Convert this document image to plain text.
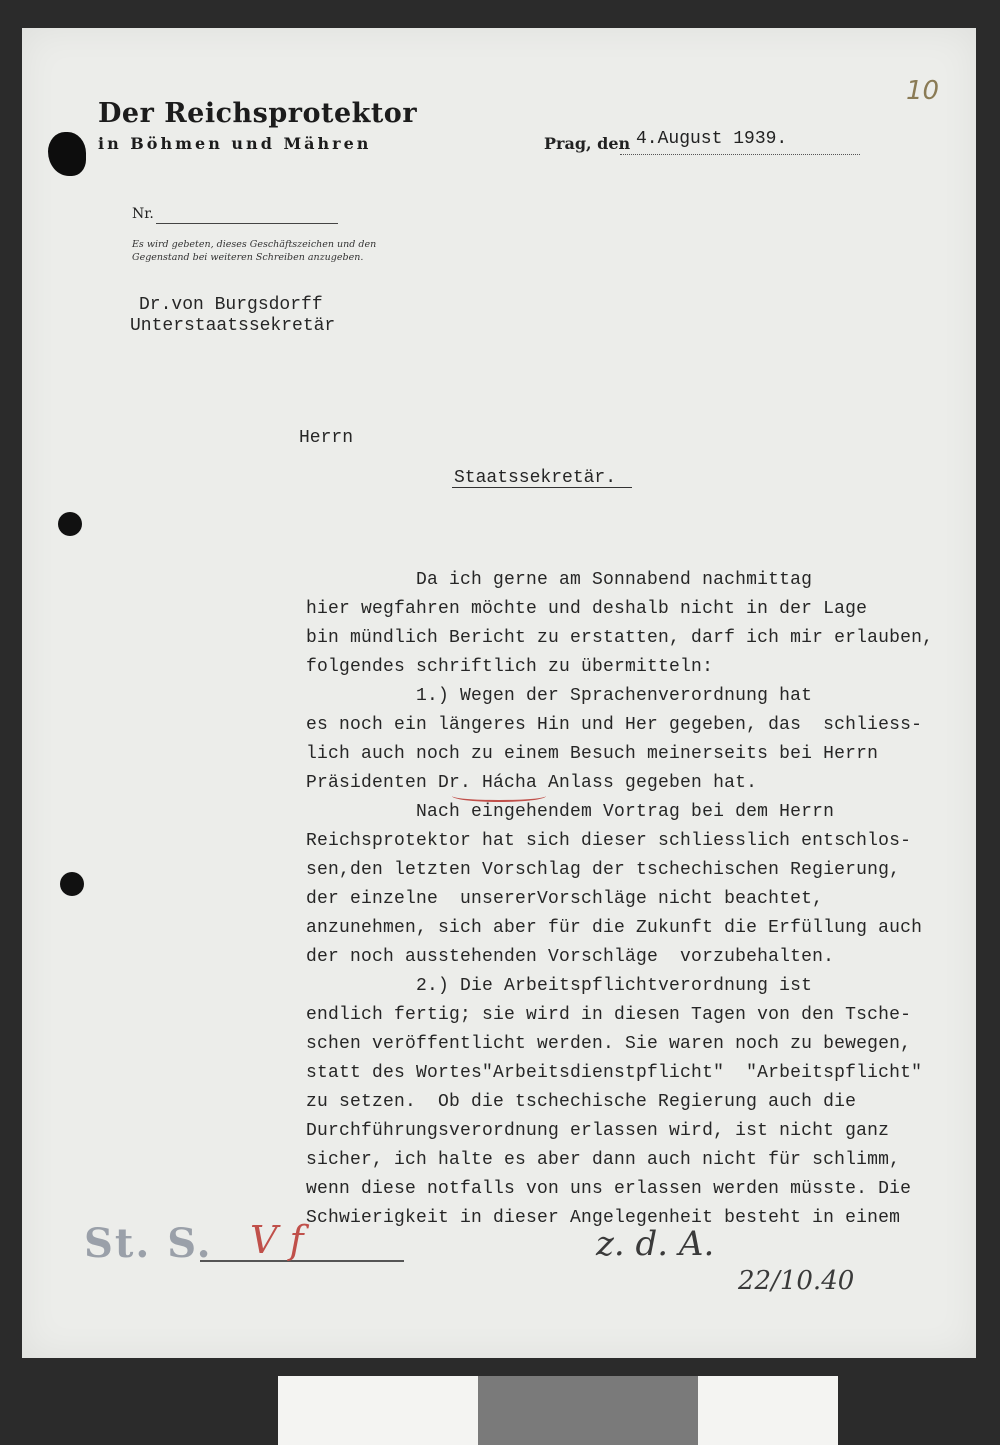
Der Reichsprotektor
in Böhmen und Mähren	Prag, den 4.August 1939.
10
Nr.
Es wird gebeten, dieses Geschäftszeichen und den
Gegenstand bei weiteren Schreiben anzugeben.
Dr.von Burgsdorff
Unterstaatssekretär
Herrn
Staatssekretär.
Da ich gerne am Sonnabend nachmittag
hier wegfahren möchte und deshalb nicht in der Lage
bin mündlich Bericht zu erstatten, darf ich mir erlauben,
folgendes schriftlich zu übermitteln:
1.) Wegen der Sprachenverordnung hat
es noch ein längeres Hin und Her gegeben, das  schliess-
lich auch noch zu einem Besuch meinerseits bei Herrn
Präsidenten Dr. Hácha Anlass gegeben hat.
Nach eingehendem Vortrag bei dem Herrn
Reichsprotektor hat sich dieser schliesslich entschlos-
sen,den letzten Vorschlag der tschechischen Regierung,
der einzelne  unsererVorschläge nicht beachtet,
anzunehmen, sich aber für die Zukunft die Erfüllung auch
der noch ausstehenden Vorschläge  vorzubehalten.
2.) Die Arbeitspflichtverordnung ist
endlich fertig; sie wird in diesen Tagen von den Tsche-
schen veröffentlicht werden. Sie waren noch zu bewegen,
statt des Wortes"Arbeitsdienstpflicht"  "Arbeitspflicht"
zu setzen.  Ob die tschechische Regierung auch die
Durchführungsverordnung erlassen wird, ist nicht ganz
sicher, ich halte es aber dann auch nicht für schlimm,
wenn diese notfalls von uns erlassen werden müsste. Die
Schwierigkeit in dieser Angelegenheit besteht in einem
St. S. V f	z. d. A.
22/10.40
